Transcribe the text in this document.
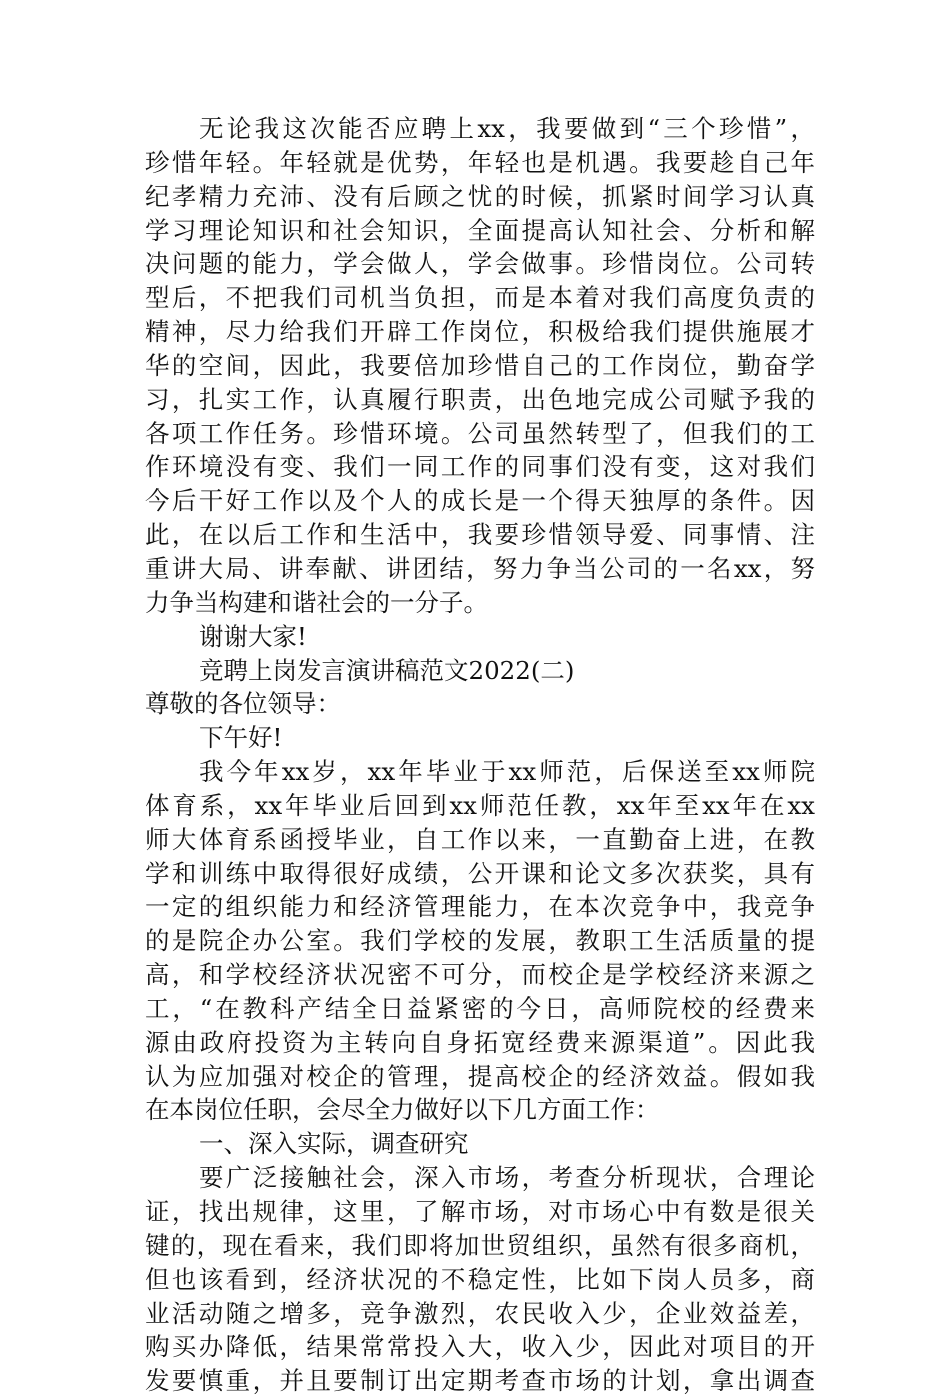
无论我这次能否应聘上xx，我要做到“三个珍惜”，
珍惜年轻。年轻就是优势，年轻也是机遇。我要趁自己年
纪孝精力充沛、没有后顾之忧的时候，抓紧时间学习认真
学习理论知识和社会知识，全面提高认知社会、分析和解
决问题的能力，学会做人，学会做事。珍惜岗位。公司转
型后，不把我们司机当负担，而是本着对我们高度负责的
精神，尽力给我们开辟工作岗位，积极给我们提供施展才
华的空间，因此，我要倍加珍惜自己的工作岗位，勤奋学
习，扎实工作，认真履行职责，出色地完成公司赋予我的
各项工作任务。珍惜环境。公司虽然转型了，但我们的工
作环境没有变、我们一同工作的同事们没有变，这对我们
今后干好工作以及个人的成长是一个得天独厚的条件。因
此，在以后工作和生活中，我要珍惜领导爱、同事情、注
重讲大局、讲奉献、讲团结，努力争当公司的一名xx，努
力争当构建和谐社会的一分子。
谢谢大家!
竞聘上岗发言演讲稿范文2022(二)
尊敬的各位领导：
下午好!
我今年xx岁，xx年毕业于xx师范，后保送至xx师院
体育系，xx年毕业后回到xx师范任教，xx年至xx年在xx
师大体育系函授毕业，自工作以来，一直勤奋上进，在教
学和训练中取得很好成绩，公开课和论文多次获奖，具有
一定的组织能力和经济管理能力，在本次竞争中，我竞争
的是院企办公室。我们学校的发展，教职工生活质量的提
高，和学校经济状况密不可分，而校企是学校经济来源之
工，“在教科产结全日益紧密的今日，高师院校的经费来
源由政府投资为主转向自身拓宽经费来源渠道”。因此我
认为应加强对校企的管理，提高校企的经济效益。假如我
在本岗位任职，会尽全力做好以下几方面工作：
一、深入实际，调查研究
要广泛接触社会，深入市场，考查分析现状，合理论
证，找出规律，这里，了解市场，对市场心中有数是很关
键的，现在看来，我们即将加世贸组织，虽然有很多商机，
但也该看到，经济状况的不稳定性，比如下岗人员多，商
业活动随之增多，竞争激烈，农民收入少，企业效益差，
购买办降低，结果常常投入大，收入少，因此对项目的开
发要慎重，并且要制订出定期考查市场的计划，拿出调查
